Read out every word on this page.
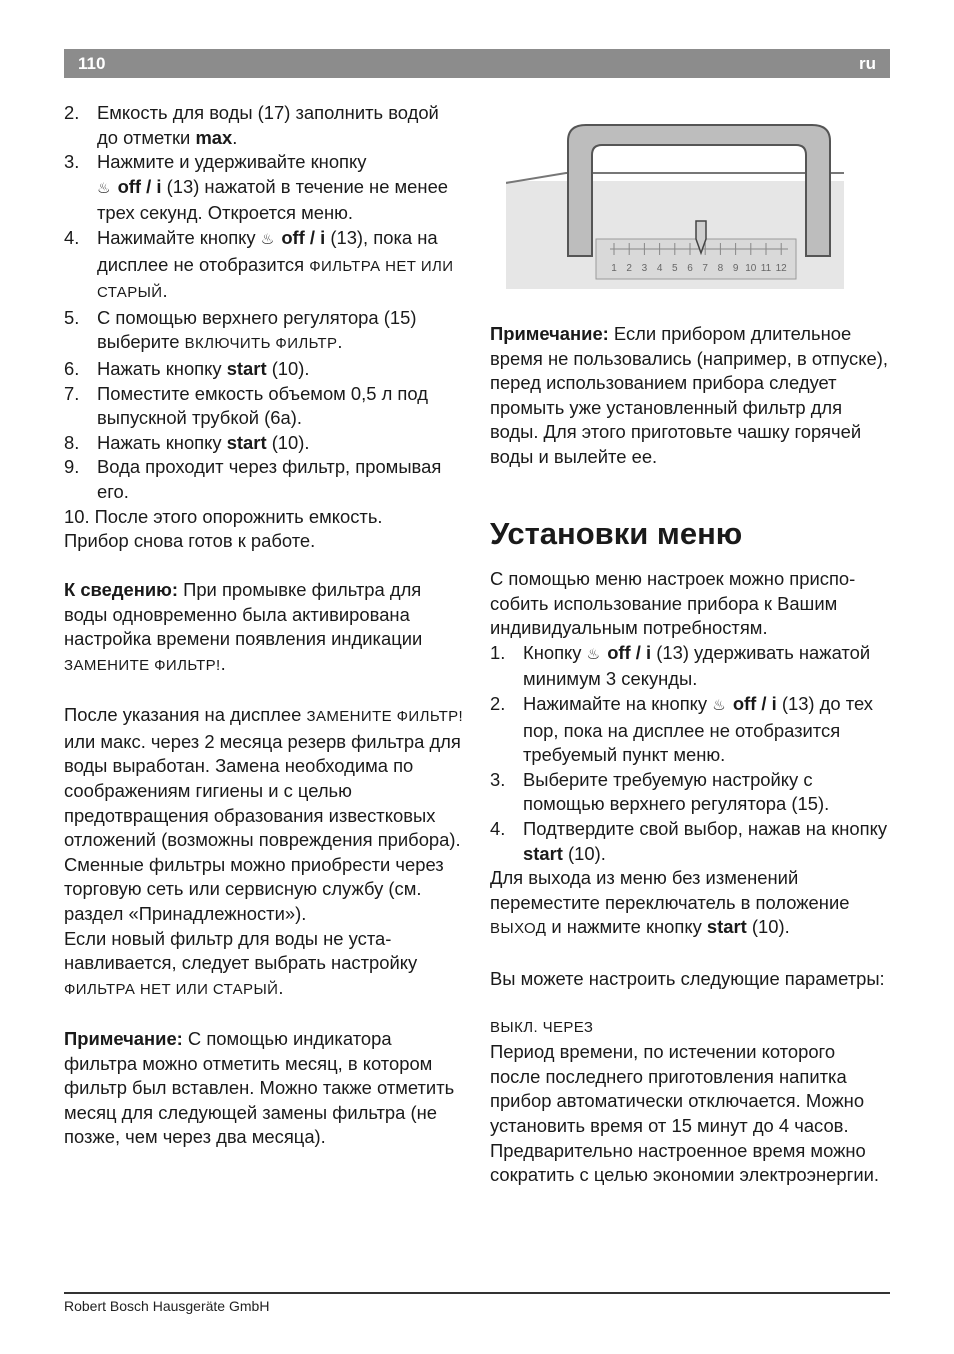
110	ru
2. Емкость для воды (17) заполнить водой до отметки max.
3. Нажмите и удерживайте кнопку
♨ off / i (13) нажатой в течение не менее трех секунд. Откроется меню.
4. Нажимайте кнопку ♨ off / i (13), пока на дисплее не отобразится ФИЛЬТРА НЕТ ИЛИ СТАРЫЙ.
5. С помощью верхнего регулятора (15) выберите ВКЛЮЧИТЬ ФИЛЬТР.
6. Нажать кнопку start (10).
7. Поместите емкость объемом 0,5 л под выпускной трубкой (6a).
8. Нажать кнопку start (10).
9. Вода проходит через фильтр, промывая его.
10. После этого опорожнить емкость.

Прибор снова готов к работе.

К сведению: При промывке фильтра для воды одновременно была активирована настройка времени появления индикации ЗАМЕНИТЕ ФИЛЬТР!.

После указания на дисплее ЗАМЕНИТЕ ФИЛЬТР! или макс. через 2 месяца резерв фильтра для воды выработан. Замена необходима по соображениям гигиены и с целью предотвращения образования известковых отложений (возможны повреждения прибора).

Сменные фильтры можно приобрести через торговую сеть или сервисную службу (см. раздел «Принадлежности»).

Если новый фильтр для воды не устанавливается, следует выбрать настройку ФИЛЬТРА НЕТ ИЛИ СТАРЫЙ.

Примечание: С помощью индикатора фильтра можно отметить месяц, в котором фильтр был вставлен. Можно также отметить месяц для следующей замены фильтра (не позже, чем через два месяца).

1 2 3 4 5 6 7 8 9 10 11 12
Примечание: Если прибором длительное время не пользовались (например, в отпуске), перед использованием прибора следует промыть уже установленный фильтр для воды. Для этого приготовьте чашку горячей воды и вылейте ее.
Установки меню

С помощью меню настроек можно приспособить использование прибора к Вашим индивидуальным потребностям.

1. Кнопку ♨ off / i (13) удерживать нажатой минимум 3 секунды.
2. Нажимайте на кнопку ♨ off / i (13) до тех пор, пока на дисплее не отобразится требуемый пункт меню.
3. Выберите требуемую настройку с помощью верхнего регулятора (15).
4. Подтвердите свой выбор, нажав на кнопку start (10).

Для выхода из меню без изменений переместите переключатель в положение ВЫХОД и нажмите кнопку start (10).

Вы можете настроить следующие параметры:

ВЫКЛ. ЧЕРЕЗ

Период времени, по истечении которого после последнего приготовления напитка прибор автоматически отключается. Можно установить время от 15 минут до 4 часов. Предварительно настроенное время можно сократить с целью экономии электроэнергии.

Robert Bosch Hausgeräte GmbH
